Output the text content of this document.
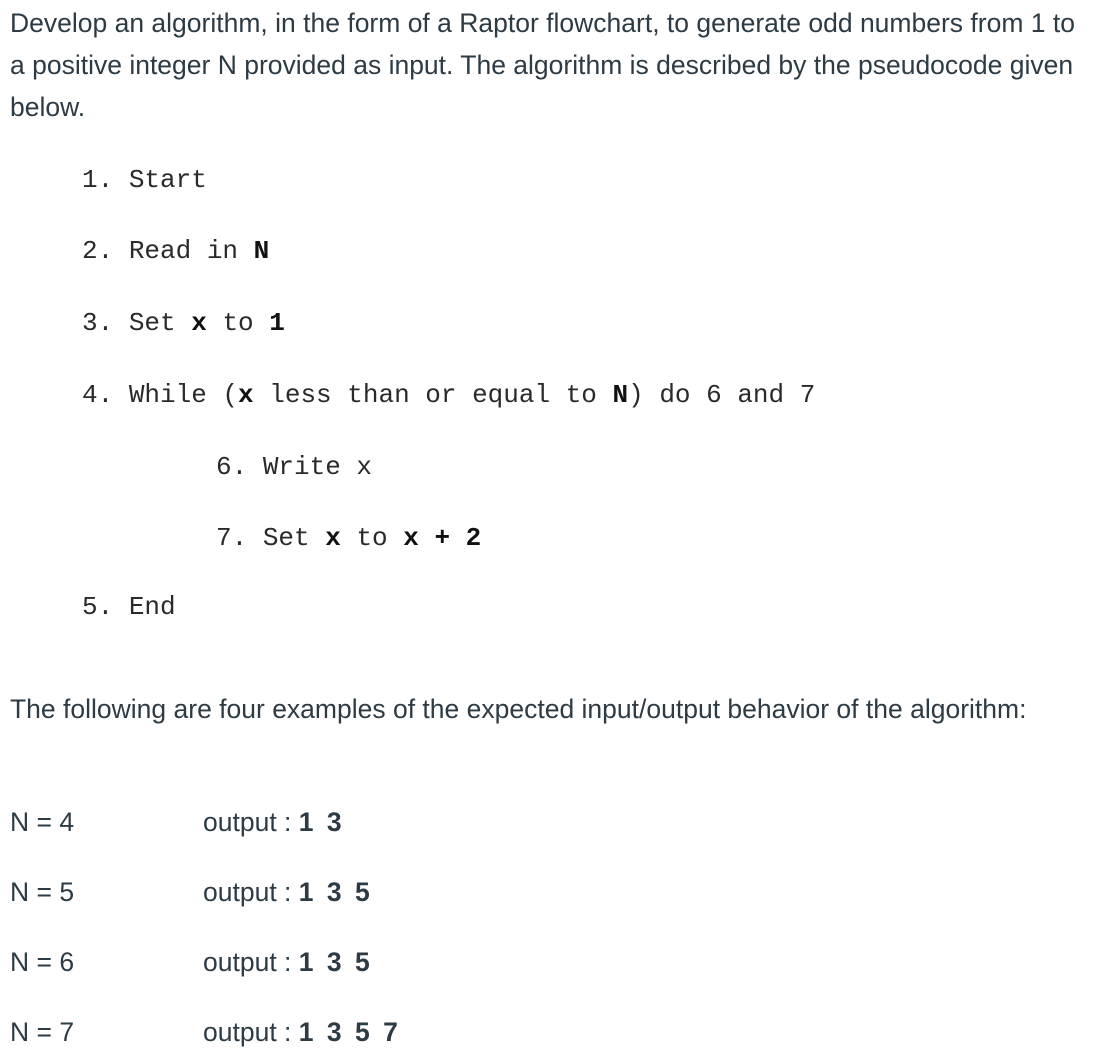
Develop an algorithm, in the form of a Raptor flowchart, to generate odd numbers from 1 to a positive integer N provided as input. The algorithm is described by the pseudocode given below.

1. Start
2. Read in N
3. Set x to 1
4. While (x less than or equal to N) do 6 and 7
6. Write x
7. Set x to x + 2
5. End

The following are four examples of the expected input/output behavior of the algorithm:

N = 4	output : 1 3
N = 5	output : 1 3 5
N = 6	output : 1 3 5
N = 7	output : 1 3 5 7
